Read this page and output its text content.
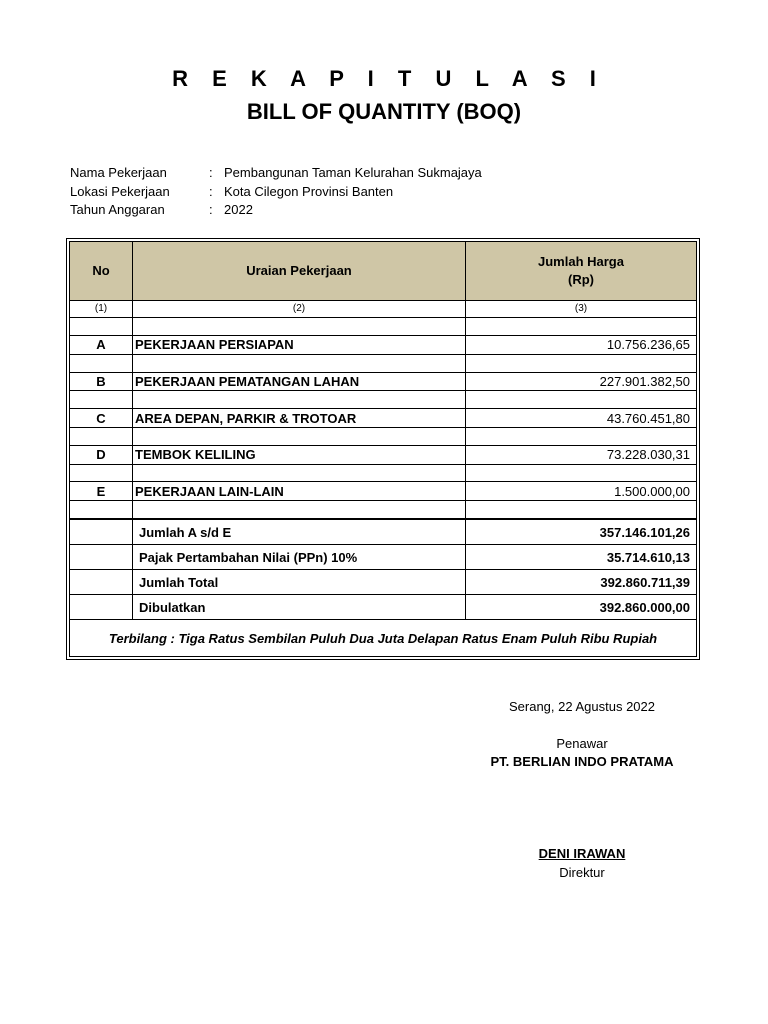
R E K A P I T U L A S I
BILL OF QUANTITY (BOQ)
Nama Pekerjaan	: Pembangunan Taman Kelurahan Sukmajaya
Lokasi Pekerjaan	: Kota Cilegon Provinsi Banten
Tahun Anggaran	: 2022
No	Uraian Pekerjaan	Jumlah Harga
(Rp)

(1)	(2)	(3)

A	PEKERJAAN PERSIAPAN	10.756.236,65

B	PEKERJAAN PEMATANGAN LAHAN	227.901.382,50

C	AREA DEPAN, PARKIR & TROTOAR	43.760.451,80

D	TEMBOK KELILING	73.228.030,31

E	PEKERJAAN LAIN-LAIN	1.500.000,00

	Jumlah A s/d E	357.146.101,26
	Pajak Pertambahan Nilai (PPn) 10%	35.714.610,13
	Jumlah Total	392.860.711,39
	Dibulatkan	392.860.000,00
Terbilang : Tiga Ratus Sembilan Puluh Dua Juta Delapan Ratus Enam Puluh Ribu Rupiah		
Serang, 22 Agustus 2022
Penawar
PT. BERLIAN INDO PRATAMA
DENI IRAWAN
Direktur
